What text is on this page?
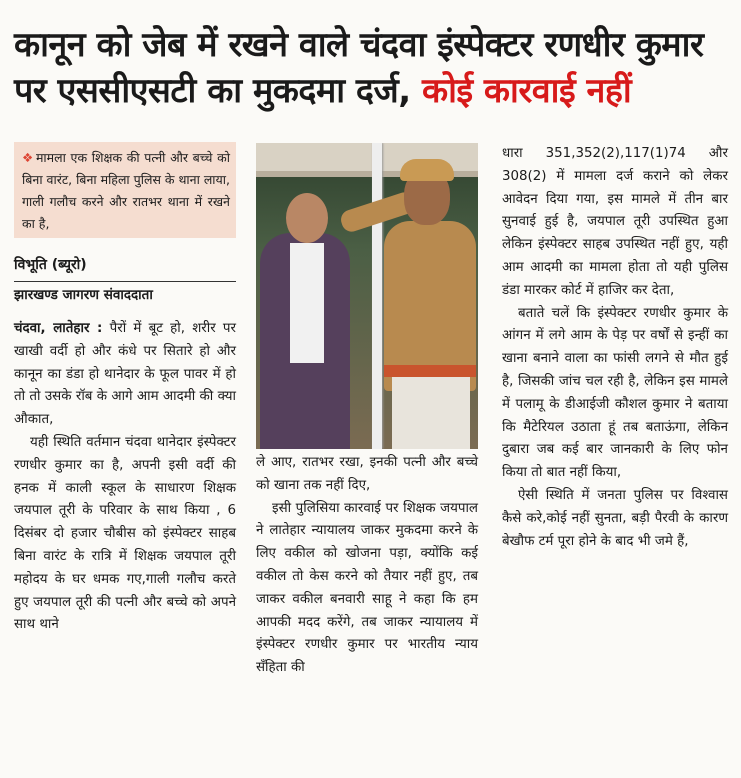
कानून को जेब में रखने वाले चंदवा इंस्पेक्टर रणधीर कुमार
पर एससीएसटी का मुकदमा दर्ज, कोई कारवाई नहीं
❖ मामला एक शिक्षक की पत्नी और बच्चे को बिना वारंट, बिना महिला पुलिस के थाना लाया, गाली गलौच करने और रातभर थाना में रखने का है,
विभूति (ब्यूरो)
झारखण्ड जागरण संवाददाता

चंदवा, लातेहार : पैरों में बूट हो, शरीर पर खाखी वर्दी हो और कंधे पर सितारे हो और कानून का डंडा हो थानेदार के फूल पावर में हो तो तो उसके रॉब के आगे आम आदमी की क्या औकात,

यही स्थिति वर्तमान चंदवा थानेदार इंस्पेक्टर रणधीर कुमार का है, अपनी इसी वर्दी की हनक में काली स्कूल के साधारण शिक्षक जयपाल तूरी के परिवार के साथ किया , 6 दिसंबर दो हजार चौबीस को इंस्पेक्टर साहब बिना वारंट के रात्रि में शिक्षक जयपाल तूरी महोदय के घर धमक गए,गाली गलौच करते हुए जयपाल तूरी की पत्नी और बच्चे को अपने साथ थाने

ले आए, रातभर रखा, इनकी पत्नी और बच्चे को खाना तक नहीं दिए,

इसी पुलिसिया कारवाई पर शिक्षक जयपाल ने लातेहार न्यायालय जाकर मुकदमा करने के लिए वकील को खोजना पड़ा, क्योंकि कई वकील तो केस करने को तैयार नहीं हुए, तब जाकर वकील बनवारी साहू ने कहा कि हम आपकी मदद करेंगे, तब जाकर न्यायालय में इंस्पेक्टर रणधीर कुमार पर भारतीय न्याय सँहिता की

धारा 351,352(2),117(1)74 और 308(2) में मामला दर्ज कराने को लेकर आवेदन दिया गया, इस मामले में तीन बार सुनवाई हुई है, जयपाल तूरी उपस्थित हुआ लेकिन इंस्पेक्टर साहब उपस्थित नहीं हुए, यही आम आदमी का मामला होता तो यही पुलिस डंडा मारकर कोर्ट में हाजिर कर देता,

बताते चलें कि इंस्पेक्टर रणधीर कुमार के आंगन में लगे आम के पेड़ पर वर्षों से इन्हीं का खाना बनाने वाला का फांसी लगने से मौत हुई है, जिसकी जांच चल रही है, लेकिन इस मामले में पलामू के डीआईजी कौशल कुमार ने बताया कि मैटेरियल उठाता हूं तब बताऊंगा, लेकिन दुबारा जब कई बार जानकारी के लिए फोन किया तो बात नहीं किया,

ऐसी स्थिति में जनता पुलिस पर विश्वास कैसे करे,कोई नहीं सुनता, बड़ी पैरवी के कारण बेखौफ टर्म पूरा होने के बाद भी जमे हैं,
